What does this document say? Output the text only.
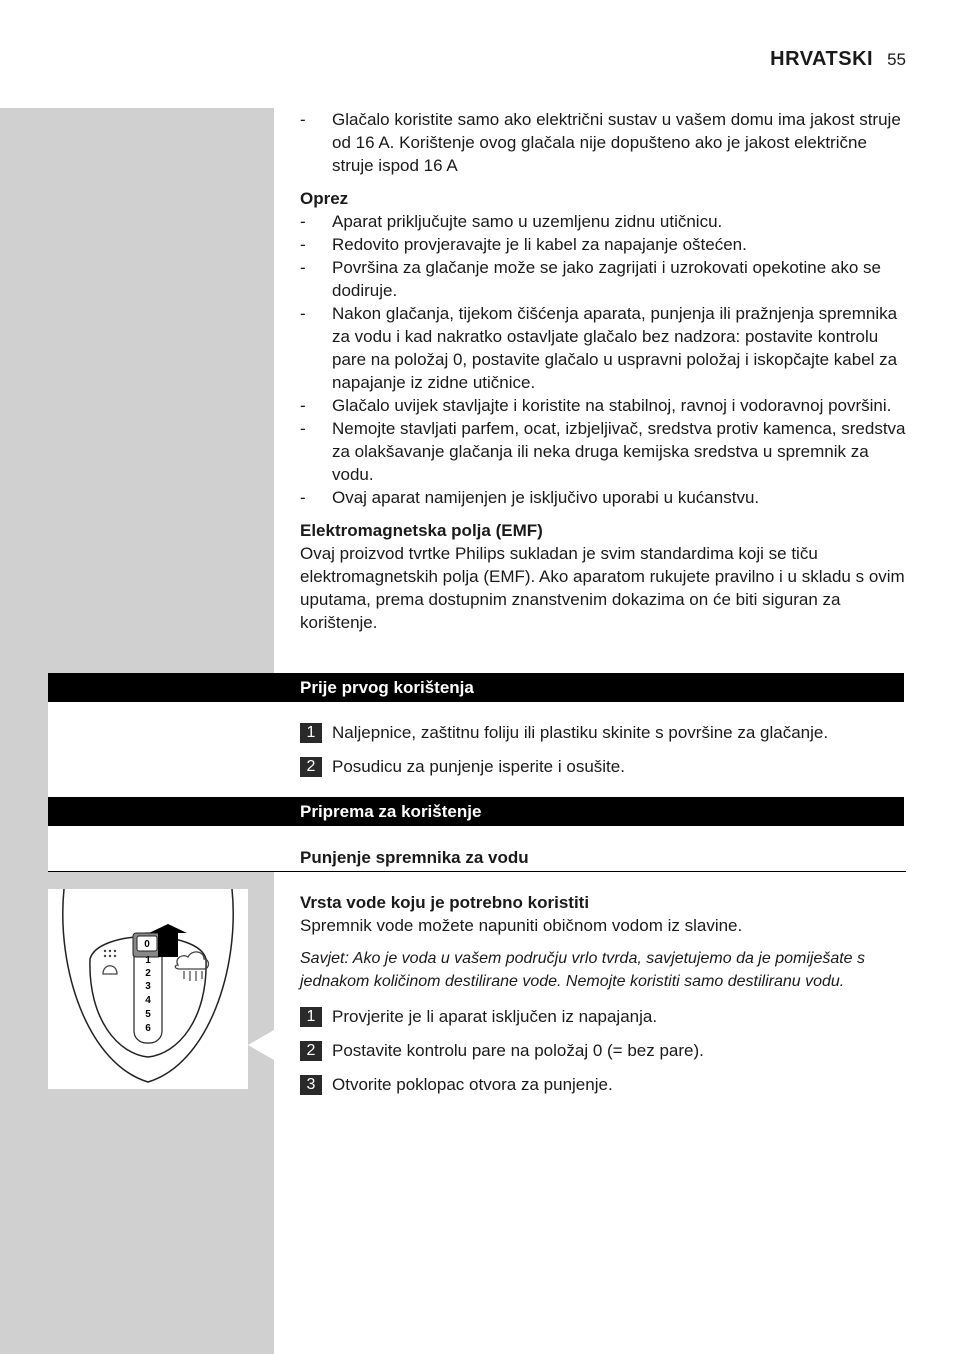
HRVATSKI 55
-	Glačalo koristite samo ako električni sustav u vašem domu ima jakost struje od 16 A. Korištenje ovog glačala nije dopušteno ako je jakost električne struje ispod 16 A
Oprez
-	Aparat priključujte samo u uzemljenu zidnu utičnicu.
-	Redovito provjeravajte je li kabel za napajanje oštećen.
-	Površina za glačanje može se jako zagrijati i uzrokovati opekotine ako se dodiruje.
-	Nakon glačanja, tijekom čišćenja aparata, punjenja ili pražnjenja spremnika za vodu i kad nakratko ostavljate glačalo bez nadzora: postavite kontrolu pare na položaj 0, postavite glačalo u uspravni položaj i iskopčajte kabel za napajanje iz zidne utičnice.
-	Glačalo uvijek stavljajte i koristite na stabilnoj, ravnoj i vodoravnoj površini.
-	Nemojte stavljati parfem, ocat, izbjeljivač, sredstva protiv kamenca, sredstva za olakšavanje glačanja ili neka druga kemijska sredstva u spremnik za vodu.
-	Ovaj aparat namijenjen je isključivo uporabi u kućanstvu.
Elektromagnetska polja (EMF)
Ovaj proizvod tvrtke Philips sukladan je svim standardima koji se tiču elektromagnetskih polja (EMF). Ako aparatom rukujete pravilno i u skladu s ovim uputama, prema dostupnim znanstvenim dokazima on će biti siguran za korištenje.
Prije prvog korištenja
1 Naljepnice, zaštitnu foliju ili plastiku skinite s površine za glačanje.
2 Posudicu za punjenje isperite i osušite.
Priprema za korištenje
Punjenje spremnika za vodu
Vrsta vode koju je potrebno koristiti
Spremnik vode možete napuniti običnom vodom iz slavine.
Savjet: Ako je voda u vašem području vrlo tvrda, savjetujemo da je pomiješate s jednakom količinom destilirane vode. Nemojte koristiti samo destiliranu vodu.
1 Provjerite je li aparat isključen iz napajanja.
2 Postavite kontrolu pare na položaj 0 (= bez pare).
3 Otvorite poklopac otvora za punjenje.
0
1
2
3
4
5
6
